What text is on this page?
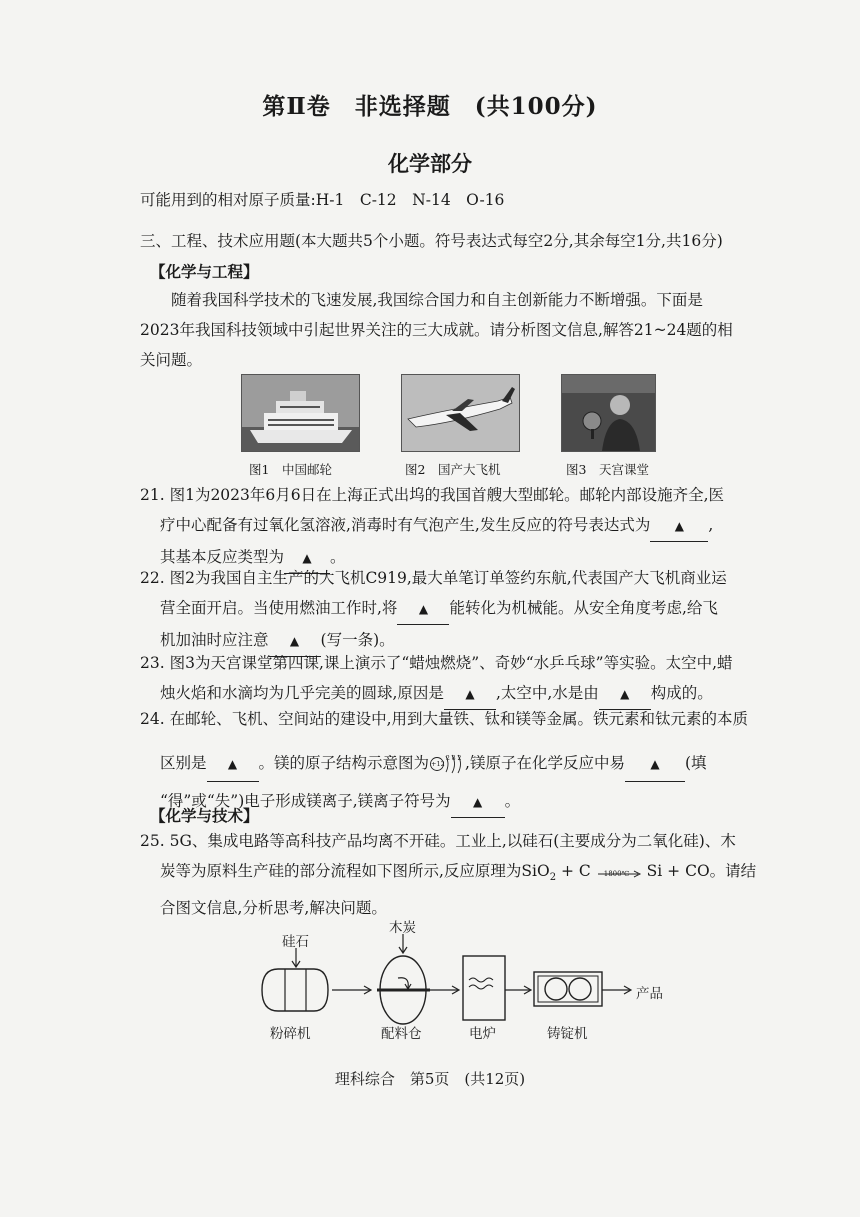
第Ⅱ卷　非选择题　(共100分)
化学部分
可能用到的相对原子质量:H-1　C-12　N-14　O-16
三、工程、技术应用题(本大题共5个小题。符号表达式每空2分,其余每空1分,共16分)
【化学与工程】
随着我国科学技术的飞速发展,我国综合国力和自主创新能力不断增强。下面是2023年我国科技领域中引起世界关注的三大成就。请分析图文信息,解答21~24题的相关问题。
图1　中国邮轮	图2　国产大飞机	图3　天宫课堂
21. 图1为2023年6月6日在上海正式出坞的我国首艘大型邮轮。邮轮内部设施齐全,医
疗中心配备有过氧化氢溶液,消毒时有气泡产生,发生反应的符号表达式为 ▲ ,
其基本反应类型为 ▲ 。
22. 图2为我国自主生产的大飞机C919,最大单笔订单签约东航,代表国产大飞机商业运
营全面开启。当使用燃油工作时,将 ▲ 能转化为机械能。从安全角度考虑,给飞
机加油时应注意 ▲ (写一条)。
23. 图3为天宫课堂第四课,课上演示了“蜡烛燃烧”、奇妙“水乒乓球”等实验。太空中,蜡
烛火焰和水滴均为几乎完美的圆球,原因是 ▲ ,太空中,水是由 ▲ 构成的。
24. 在邮轮、飞机、空间站的建设中,用到大量铁、钛和镁等金属。铁元素和钛元素的本质
区别是 ▲ 。镁的原子结构示意图为 +12
2 8 2 ,镁原子在化学反应中易 ▲ (填
“得”或“失”)电子形成镁离子,镁离子符号为 ▲ 。
【化学与技术】
25. 5G、集成电路等高科技产品均离不开硅。工业上,以硅石(主要成分为二氧化硅)、木
炭等为原料生产硅的部分流程如下图所示,反应原理为SiO$_2$ + C 1800℃ Si + CO。请结
合图文信息,分析思考,解决问题。
硅石
木炭
粉碎机	配料仓	电炉	铸锭机
产品
理科综合　第5页　(共12页)
